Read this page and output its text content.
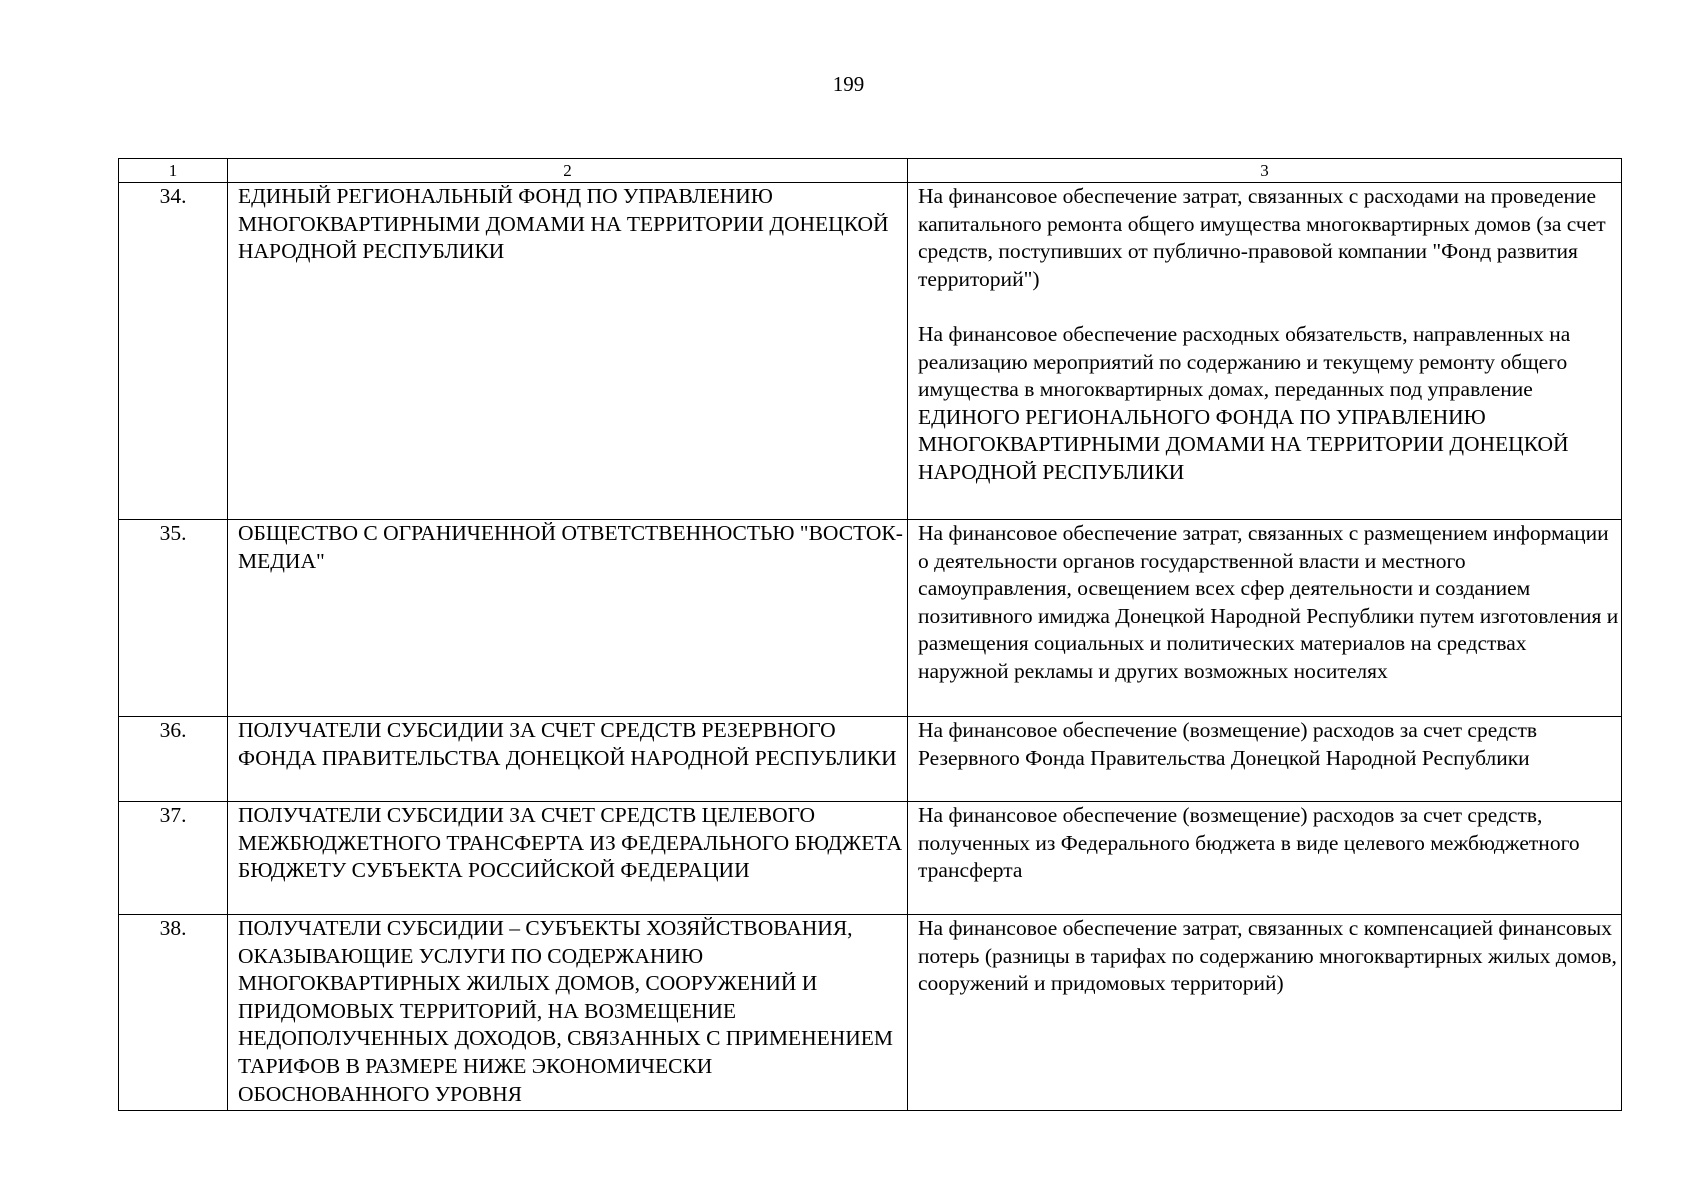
199
1	2	3
34.	ЕДИНЫЙ РЕГИОНАЛЬНЫЙ ФОНД ПО УПРАВЛЕНИЮ МНОГОКВАРТИРНЫМИ ДОМАМИ НА ТЕРРИТОРИИ ДОНЕЦКОЙ НАРОДНОЙ РЕСПУБЛИКИ	На финансовое обеспечение затрат, связанных с расходами на проведение капитального ремонта общего имущества многоквартирных домов (за счет средств, поступивших от публично-правовой компании "Фонд развития территорий")
На финансовое обеспечение расходных обязательств, направленных на реализацию мероприятий по содержанию и текущему ремонту общего имущества в многоквартирных домах, переданных под управление ЕДИНОГО РЕГИОНАЛЬНОГО ФОНДА ПО УПРАВЛЕНИЮ МНОГОКВАРТИРНЫМИ ДОМАМИ НА ТЕРРИТОРИИ ДОНЕЦКОЙ НАРОДНОЙ РЕСПУБЛИКИ

35.	ОБЩЕСТВО С ОГРАНИЧЕННОЙ ОТВЕТСТВЕННОСТЬЮ "ВОСТОК-МЕДИА"	На финансовое обеспечение затрат, связанных с размещением информации о деятельности органов государственной власти и местного самоуправления, освещением всех сфер деятельности и созданием позитивного имиджа Донецкой Народной Республики путем изготовления и размещения социальных и политических материалов на средствах наружной рекламы и других возможных носителях

36.	ПОЛУЧАТЕЛИ СУБСИДИИ ЗА СЧЕТ СРЕДСТВ РЕЗЕРВНОГО ФОНДА ПРАВИТЕЛЬСТВА ДОНЕЦКОЙ НАРОДНОЙ РЕСПУБЛИКИ	На финансовое обеспечение (возмещение) расходов за счет средств Резервного Фонда Правительства Донецкой Народной Республики

37.	ПОЛУЧАТЕЛИ СУБСИДИИ ЗА СЧЕТ СРЕДСТВ ЦЕЛЕВОГО МЕЖБЮДЖЕТНОГО ТРАНСФЕРТА ИЗ ФЕДЕРАЛЬНОГО БЮДЖЕТА БЮДЖЕТУ СУБЪЕКТА РОССИЙСКОЙ ФЕДЕРАЦИИ	На финансовое обеспечение (возмещение) расходов за счет средств, полученных из Федерального бюджета в виде целевого межбюджетного трансферта

38.	ПОЛУЧАТЕЛИ СУБСИДИИ – СУБЪЕКТЫ ХОЗЯЙСТВОВАНИЯ, ОКАЗЫВАЮЩИЕ УСЛУГИ ПО СОДЕРЖАНИЮ МНОГОКВАРТИРНЫХ ЖИЛЫХ ДОМОВ, СООРУЖЕНИЙ И ПРИДОМОВЫХ ТЕРРИТОРИЙ, НА ВОЗМЕЩЕНИЕ НЕДОПОЛУЧЕННЫХ ДОХОДОВ, СВЯЗАННЫХ С ПРИМЕНЕНИЕМ ТАРИФОВ В РАЗМЕРЕ НИЖЕ ЭКОНОМИЧЕСКИ ОБОСНОВАННОГО УРОВНЯ	На финансовое обеспечение затрат, связанных с компенсацией финансовых потерь (разницы в тарифах по содержанию многоквартирных жилых домов, сооружений и придомовых территорий)
